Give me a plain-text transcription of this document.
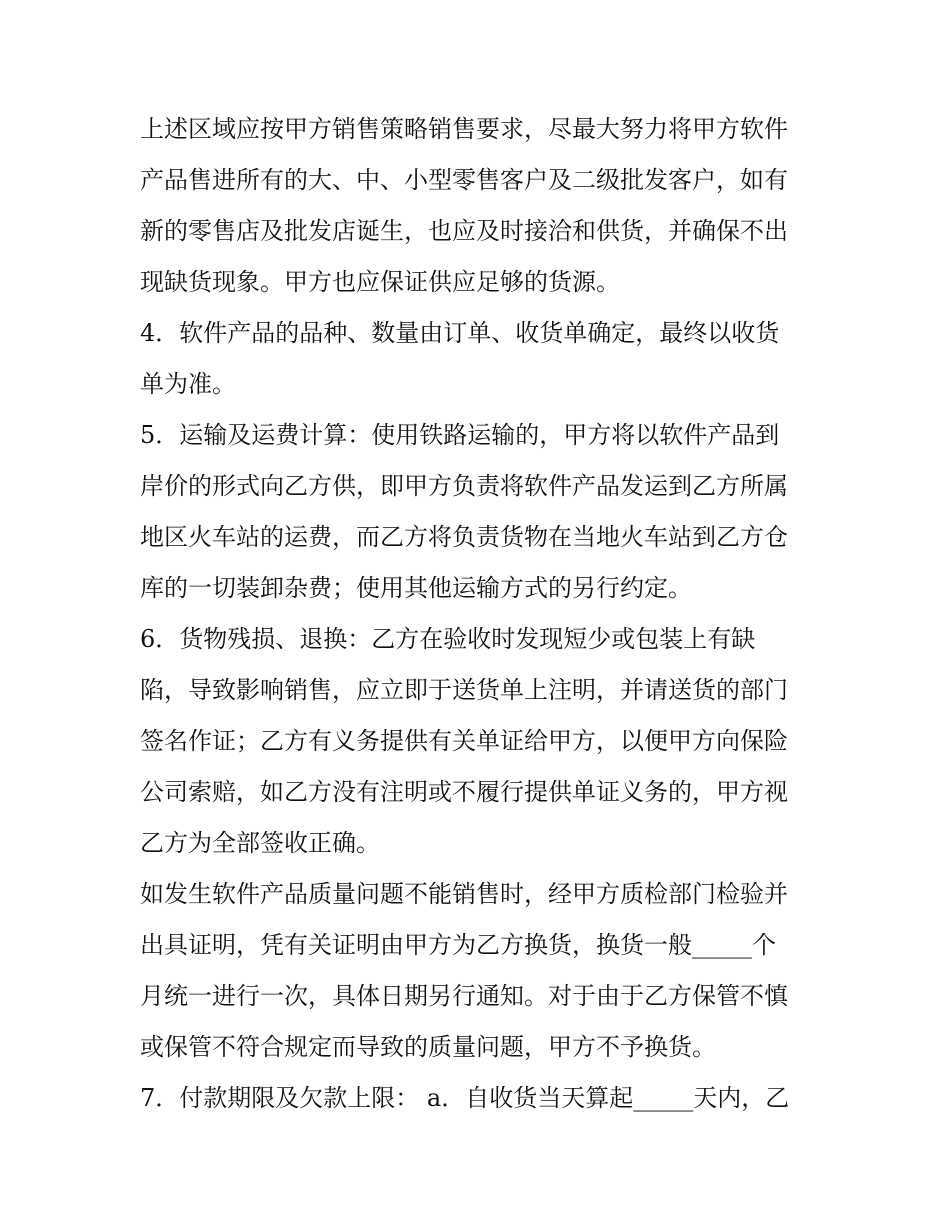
上述区域应按甲方销售策略销售要求，尽最大努力将甲方软件
产品售进所有的大、中、小型零售客户及二级批发客户，如有
新的零售店及批发店诞生，也应及时接洽和供货，并确保不出
现缺货现象。甲方也应保证供应足够的货源。
4．软件产品的品种、数量由订单、收货单确定，最终以收货
单为准。
5．运输及运费计算：使用铁路运输的，甲方将以软件产品到
岸价的形式向乙方供，即甲方负责将软件产品发运到乙方所属
地区火车站的运费，而乙方将负责货物在当地火车站到乙方仓
库的一切装卸杂费；使用其他运输方式的另行约定。
6．货物残损、退换：乙方在验收时发现短少或包装上有缺
陷，导致影响销售，应立即于送货单上注明，并请送货的部门
签名作证；乙方有义务提供有关单证给甲方，以便甲方向保险
公司索赔，如乙方没有注明或不履行提供单证义务的，甲方视
乙方为全部签收正确。
如发生软件产品质量问题不能销售时，经甲方质检部门检验并
出具证明，凭有关证明由甲方为乙方换货，换货一般_____个
月统一进行一次，具体日期另行通知。对于由于乙方保管不慎
或保管不符合规定而导致的质量问题，甲方不予换货。
7．付款期限及欠款上限： a．自收货当天算起_____天内，乙
